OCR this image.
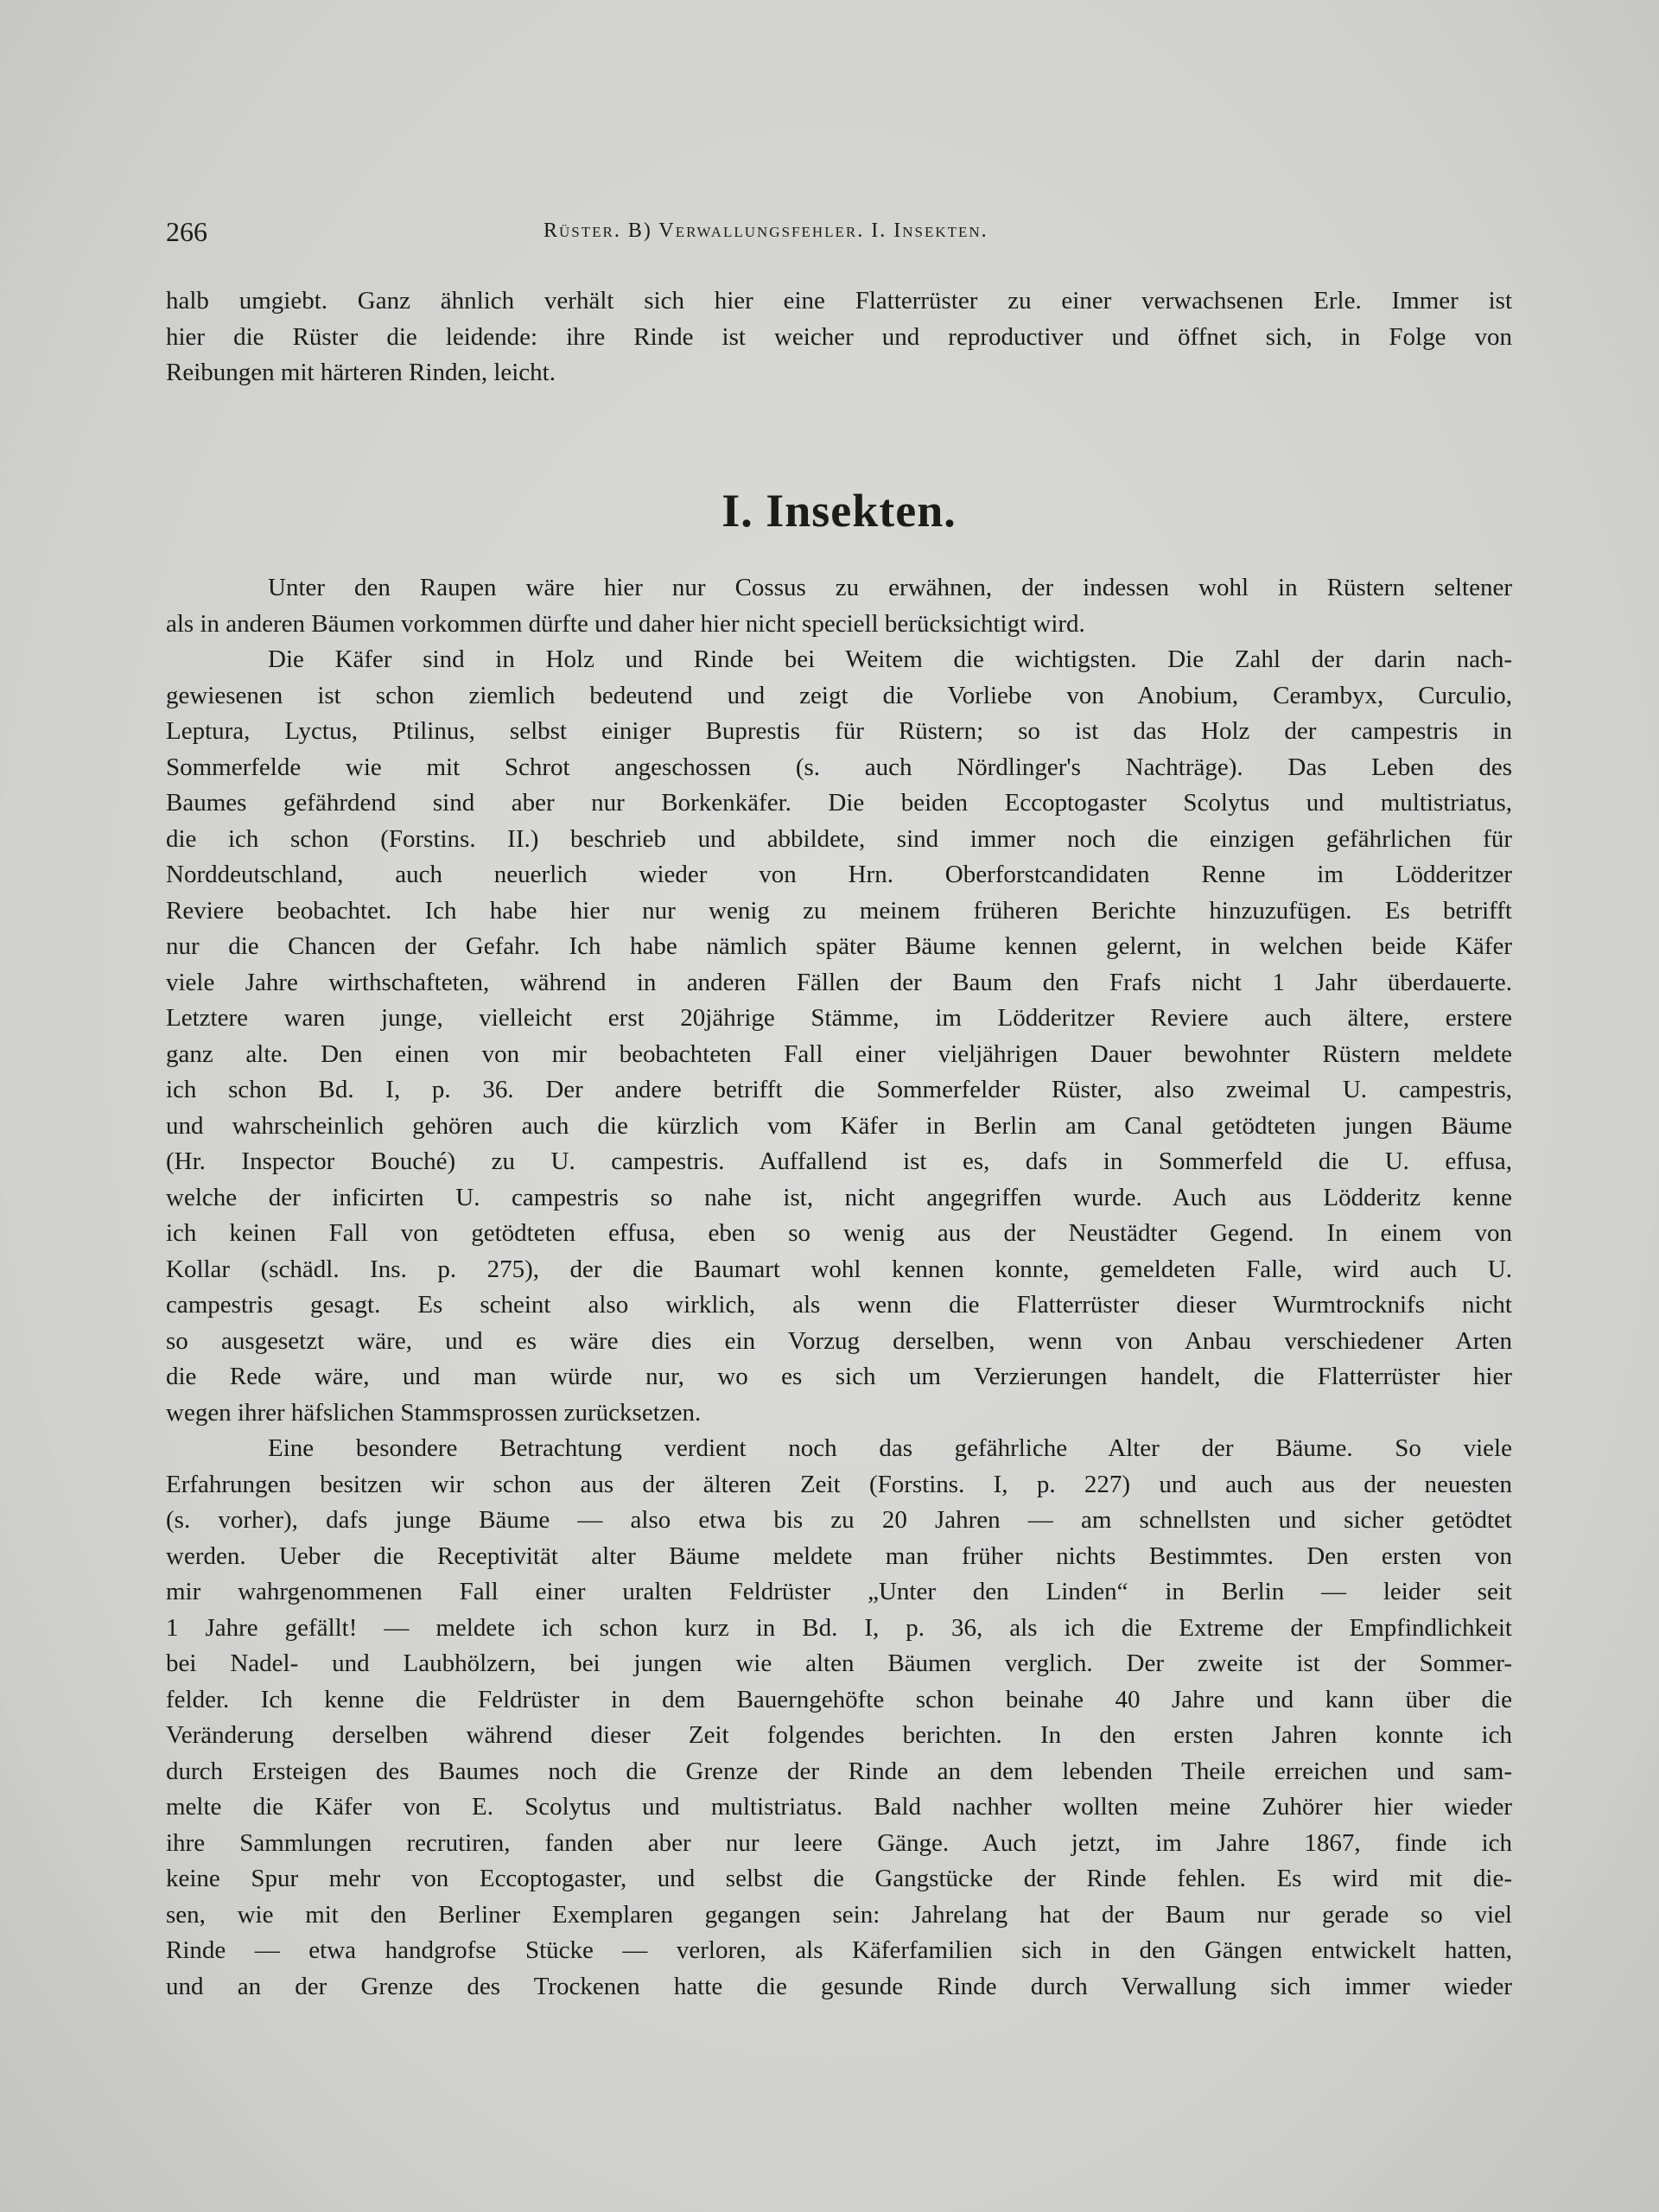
266	Rüster. B) Verwallungsfehler. I. Insekten.
halb umgiebt. Ganz ähnlich verhält sich hier eine Flatterrüster zu einer verwachsenen Erle. Immer ist
hier die Rüster die leidende: ihre Rinde ist weicher und reproductiver und öffnet sich, in Folge von
Reibungen mit härteren Rinden, leicht.
I. Insekten.
Unter den Raupen wäre hier nur Cossus zu erwähnen, der indessen wohl in Rüstern seltener
als in anderen Bäumen vorkommen dürfte und daher hier nicht speciell berücksichtigt wird.
Die Käfer sind in Holz und Rinde bei Weitem die wichtigsten. Die Zahl der darin nach-
gewiesenen ist schon ziemlich bedeutend und zeigt die Vorliebe von Anobium, Cerambyx, Curculio,
Leptura, Lyctus, Ptilinus, selbst einiger Buprestis für Rüstern; so ist das Holz der campestris in
Sommerfelde wie mit Schrot angeschossen (s. auch Nördlinger's Nachträge). Das Leben des
Baumes gefährdend sind aber nur Borkenkäfer. Die beiden Eccoptogaster Scolytus und multistriatus,
die ich schon (Forstins. II.) beschrieb und abbildete, sind immer noch die einzigen gefährlichen für
Norddeutschland, auch neuerlich wieder von Hrn. Oberforstcandidaten Renne im Lödderitzer
Reviere beobachtet. Ich habe hier nur wenig zu meinem früheren Berichte hinzuzufügen. Es betrifft
nur die Chancen der Gefahr. Ich habe nämlich später Bäume kennen gelernt, in welchen beide Käfer
viele Jahre wirthschafteten, während in anderen Fällen der Baum den Frafs nicht 1 Jahr überdauerte.
Letztere waren junge, vielleicht erst 20jährige Stämme, im Lödderitzer Reviere auch ältere, erstere
ganz alte. Den einen von mir beobachteten Fall einer vieljährigen Dauer bewohnter Rüstern meldete
ich schon Bd. I, p. 36. Der andere betrifft die Sommerfelder Rüster, also zweimal U. campestris,
und wahrscheinlich gehören auch die kürzlich vom Käfer in Berlin am Canal getödteten jungen Bäume
(Hr. Inspector Bouché) zu U. campestris. Auffallend ist es, dafs in Sommerfeld die U. effusa,
welche der inficirten U. campestris so nahe ist, nicht angegriffen wurde. Auch aus Lödderitz kenne
ich keinen Fall von getödteten effusa, eben so wenig aus der Neustädter Gegend. In einem von
Kollar (schädl. Ins. p. 275), der die Baumart wohl kennen konnte, gemeldeten Falle, wird auch U.
campestris gesagt. Es scheint also wirklich, als wenn die Flatterrüster dieser Wurmtrocknifs nicht
so ausgesetzt wäre, und es wäre dies ein Vorzug derselben, wenn von Anbau verschiedener Arten
die Rede wäre, und man würde nur, wo es sich um Verzierungen handelt, die Flatterrüster hier
wegen ihrer häfslichen Stammsprossen zurücksetzen.
Eine besondere Betrachtung verdient noch das gefährliche Alter der Bäume. So viele
Erfahrungen besitzen wir schon aus der älteren Zeit (Forstins. I, p. 227) und auch aus der neuesten
(s. vorher), dafs junge Bäume — also etwa bis zu 20 Jahren — am schnellsten und sicher getödtet
werden. Ueber die Receptivität alter Bäume meldete man früher nichts Bestimmtes. Den ersten von
mir wahrgenommenen Fall einer uralten Feldrüster „Unter den Linden“ in Berlin — leider seit
1 Jahre gefällt! — meldete ich schon kurz in Bd. I, p. 36, als ich die Extreme der Empfindlichkeit
bei Nadel- und Laubhölzern, bei jungen wie alten Bäumen verglich. Der zweite ist der Sommer-
felder. Ich kenne die Feldrüster in dem Bauerngehöfte schon beinahe 40 Jahre und kann über die
Veränderung derselben während dieser Zeit folgendes berichten. In den ersten Jahren konnte ich
durch Ersteigen des Baumes noch die Grenze der Rinde an dem lebenden Theile erreichen und sam-
melte die Käfer von E. Scolytus und multistriatus. Bald nachher wollten meine Zuhörer hier wieder
ihre Sammlungen recrutiren, fanden aber nur leere Gänge. Auch jetzt, im Jahre 1867, finde ich
keine Spur mehr von Eccoptogaster, und selbst die Gangstücke der Rinde fehlen. Es wird mit die-
sen, wie mit den Berliner Exemplaren gegangen sein: Jahrelang hat der Baum nur gerade so viel
Rinde — etwa handgrofse Stücke — verloren, als Käferfamilien sich in den Gängen entwickelt hatten,
und an der Grenze des Trockenen hatte die gesunde Rinde durch Verwallung sich immer wieder
